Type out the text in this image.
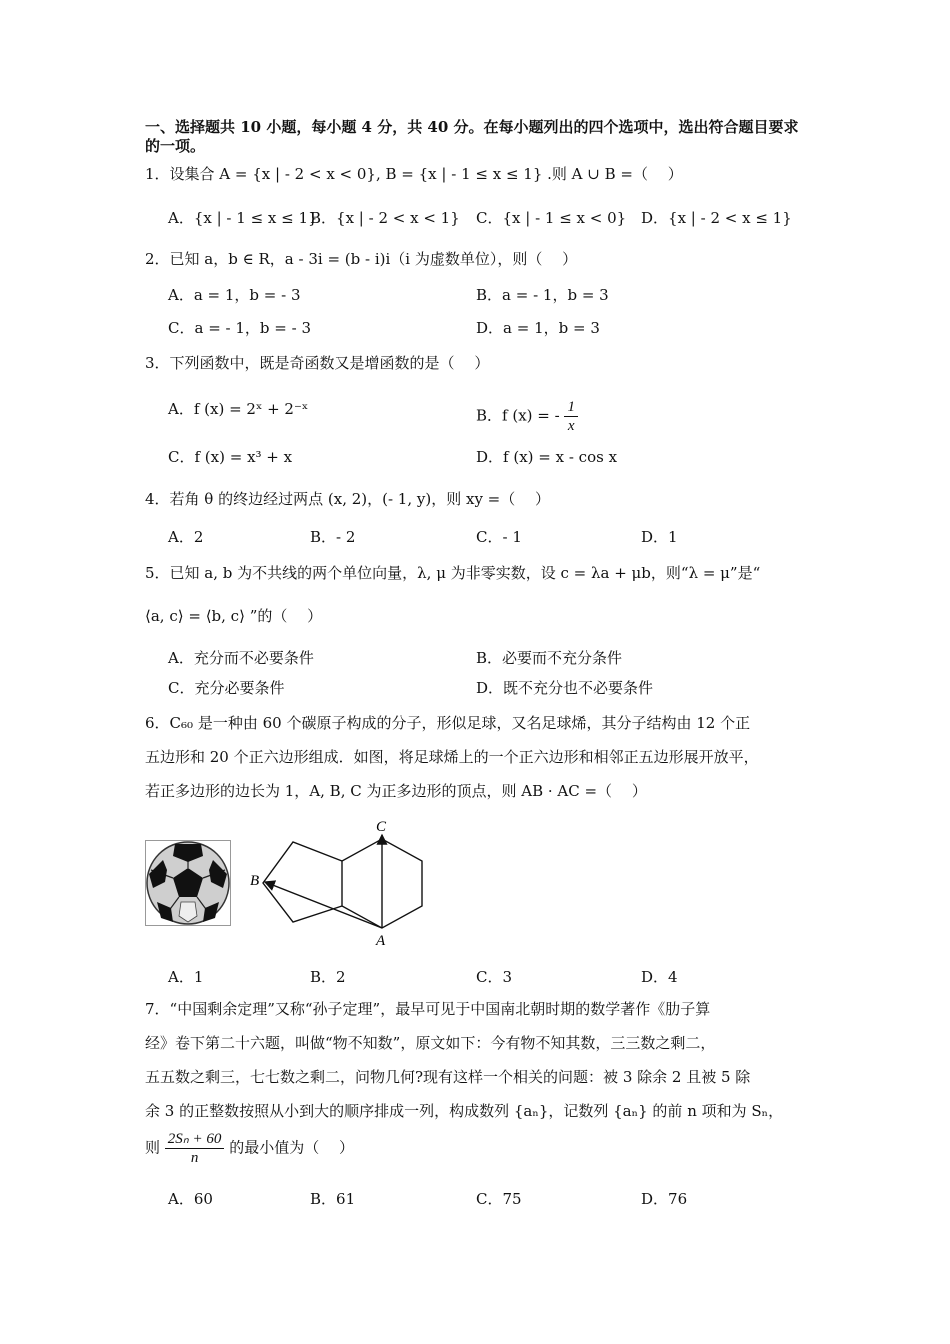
一、选择题共 10 小题，每小题 4 分，共 40 分。在每小题列出的四个选项中，选出符合题目要求的一项。
1．设集合 A = {x | - 2 < x < 0}, B = {x | - 1 ≤ x ≤ 1} .则 A ∪ B =（　 ）
A．{x | - 1 ≤ x ≤ 1}
B．{x | - 2 < x < 1} C．{x | - 1 ≤ x < 0} D．{x | - 2 < x ≤ 1}
2．已知 a，b ∈ R，a - 3i = (b - i)i（i 为虚数单位），则（　 ）
A．a = 1，b = - 3	B．a = - 1，b = 3
C．a = - 1，b = - 3	D．a = 1，b = 3
3．下列函数中，既是奇函数又是增函数的是（　 ）
A．f (x) = 2ˣ + 2⁻ˣ	B．f (x) = - $\frac{1}{x}$
C．f (x) = x³ + x	D．f (x) = x - cos x
4．若角 θ 的终边经过两点 (x, 2)，(- 1, y)，则 xy =（　 ）
A．2	B．- 2	C．- 1	D．1
5．已知 a, b 为不共线的两个单位向量，λ, μ 为非零实数，设 c = λa + μb，则“λ = μ”是“
⟨a, c⟩ = ⟨b, c⟩ ”的（　 ）
A．充分而不必要条件	B．必要而不充分条件
C．充分必要条件	D．既不充分也不必要条件
6．C₆₀ 是一种由 60 个碳原子构成的分子，形似足球，又名足球烯，其分子结构由 12 个正
五边形和 20 个正六边形组成．如图，将足球烯上的一个正六边形和相邻正五边形展开放平，
若正多边形的边长为 1，A, B, C 为正多边形的顶点，则 AB · AC =（　 ）
C
B
A
A．1	B．2	C．3	D．4
7．“中国剩余定理”又称“孙子定理”，最早可见于中国南北朝时期的数学著作《肋子算
经》卷下第二十六题，叫做“物不知数”，原文如下：今有物不知其数，三三数之剩二，
五五数之剩三，七七数之剩二，问物几何?现有这样一个相关的问题：被 3 除余 2 且被 5 除
余 3 的正整数按照从小到大的顺序排成一列，构成数列 {aₙ}，记数列 {aₙ} 的前 n 项和为 Sₙ，
则 $\frac{\text{2Sₙ + 60}}{n}$ 的最小值为（　 ）
A．60	B．61	C．75	D．76
